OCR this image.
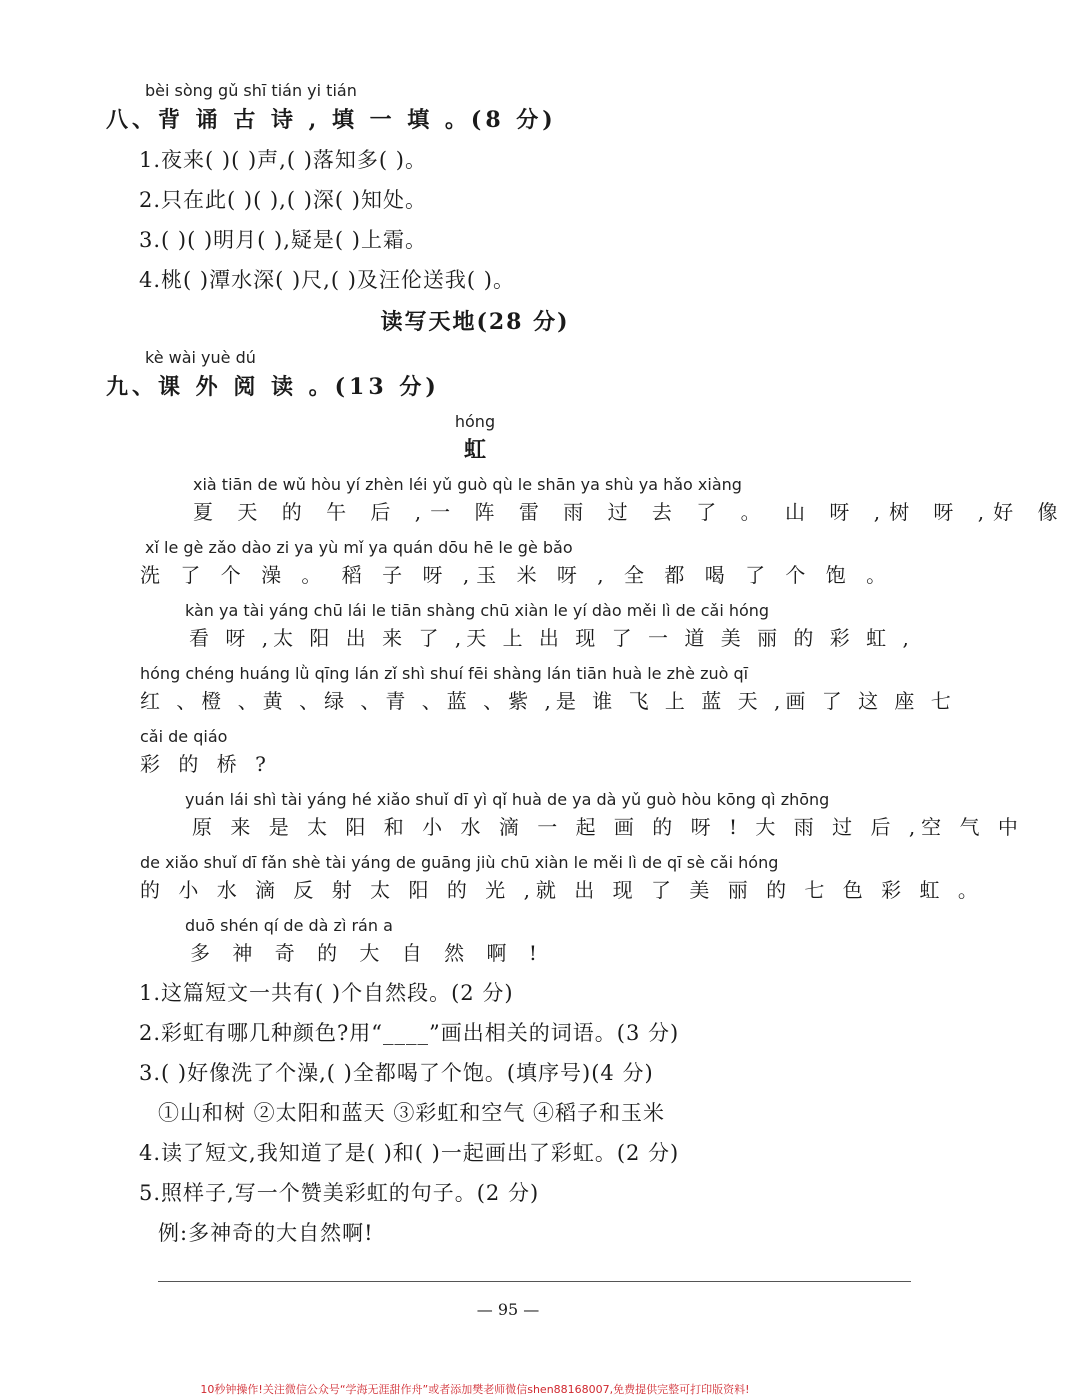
bèi sòng gǔ shī tián yi tián
八、背 诵 古 诗 , 填 一 填 。(8 分)
1.夜来( )( )声,( )落知多( )。
2.只在此( )( ),( )深( )知处。
3.( )( )明月( ),疑是( )上霜。
4.桃( )潭水深( )尺,( )及汪伦送我( )。
读写天地(28 分)
kè wài yuè dú
九、课 外 阅 读 。(13 分)
hóng
虹
xià tiān de wǔ hòu yí zhèn léi yǔ guò qù le shān ya shù ya hǎo xiàng
夏 天 的 午 后 ,一 阵 雷 雨 过 去 了 。 山 呀 ,树 呀 ,好 像
xǐ le gè zǎo dào zi ya yù mǐ ya quán dōu hē le gè bǎo
洗 了 个 澡 。 稻 子 呀 ,玉 米 呀 , 全 都 喝 了 个 饱 。
kàn ya tài yáng chū lái le tiān shàng chū xiàn le yí dào měi lì de cǎi hóng
看 呀 ,太 阳 出 来 了 ,天 上 出 现 了 一 道 美 丽 的 彩 虹 ,
hóng chéng huáng lǜ qīng lán zǐ shì shuí fēi shàng lán tiān huà le zhè zuò qī
红 、橙 、黄 、绿 、青 、蓝 、紫 ,是 谁 飞 上 蓝 天 ,画 了 这 座 七
cǎi de qiáo
彩 的 桥 ?
yuán lái shì tài yáng hé xiǎo shuǐ dī yì qǐ huà de ya dà yǔ guò hòu kōng qì zhōng
原 来 是 太 阳 和 小 水 滴 一 起 画 的 呀 ! 大 雨 过 后 ,空 气 中
de xiǎo shuǐ dī fǎn shè tài yáng de guāng jiù chū xiàn le měi lì de qī sè cǎi hóng
的 小 水 滴 反 射 太 阳 的 光 ,就 出 现 了 美 丽 的 七 色 彩 虹 。
duō shén qí de dà zì rán a
多 神 奇 的 大 自 然 啊 !
1.这篇短文一共有( )个自然段。(2 分)
2.彩虹有哪几种颜色?用“____”画出相关的词语。(3 分)
3.( )好像洗了个澡,( )全都喝了个饱。(填序号)(4 分)
①山和树 ②太阳和蓝天 ③彩虹和空气 ④稻子和玉米
4.读了短文,我知道了是( )和( )一起画出了彩虹。(2 分)
5.照样子,写一个赞美彩虹的句子。(2 分)
例:多神奇的大自然啊!
— 95 —
10秒钟操作!关注微信公众号“学海无涯甜作舟”或者添加樊老师微信shen88168007,免费提供完整可打印版资料!
